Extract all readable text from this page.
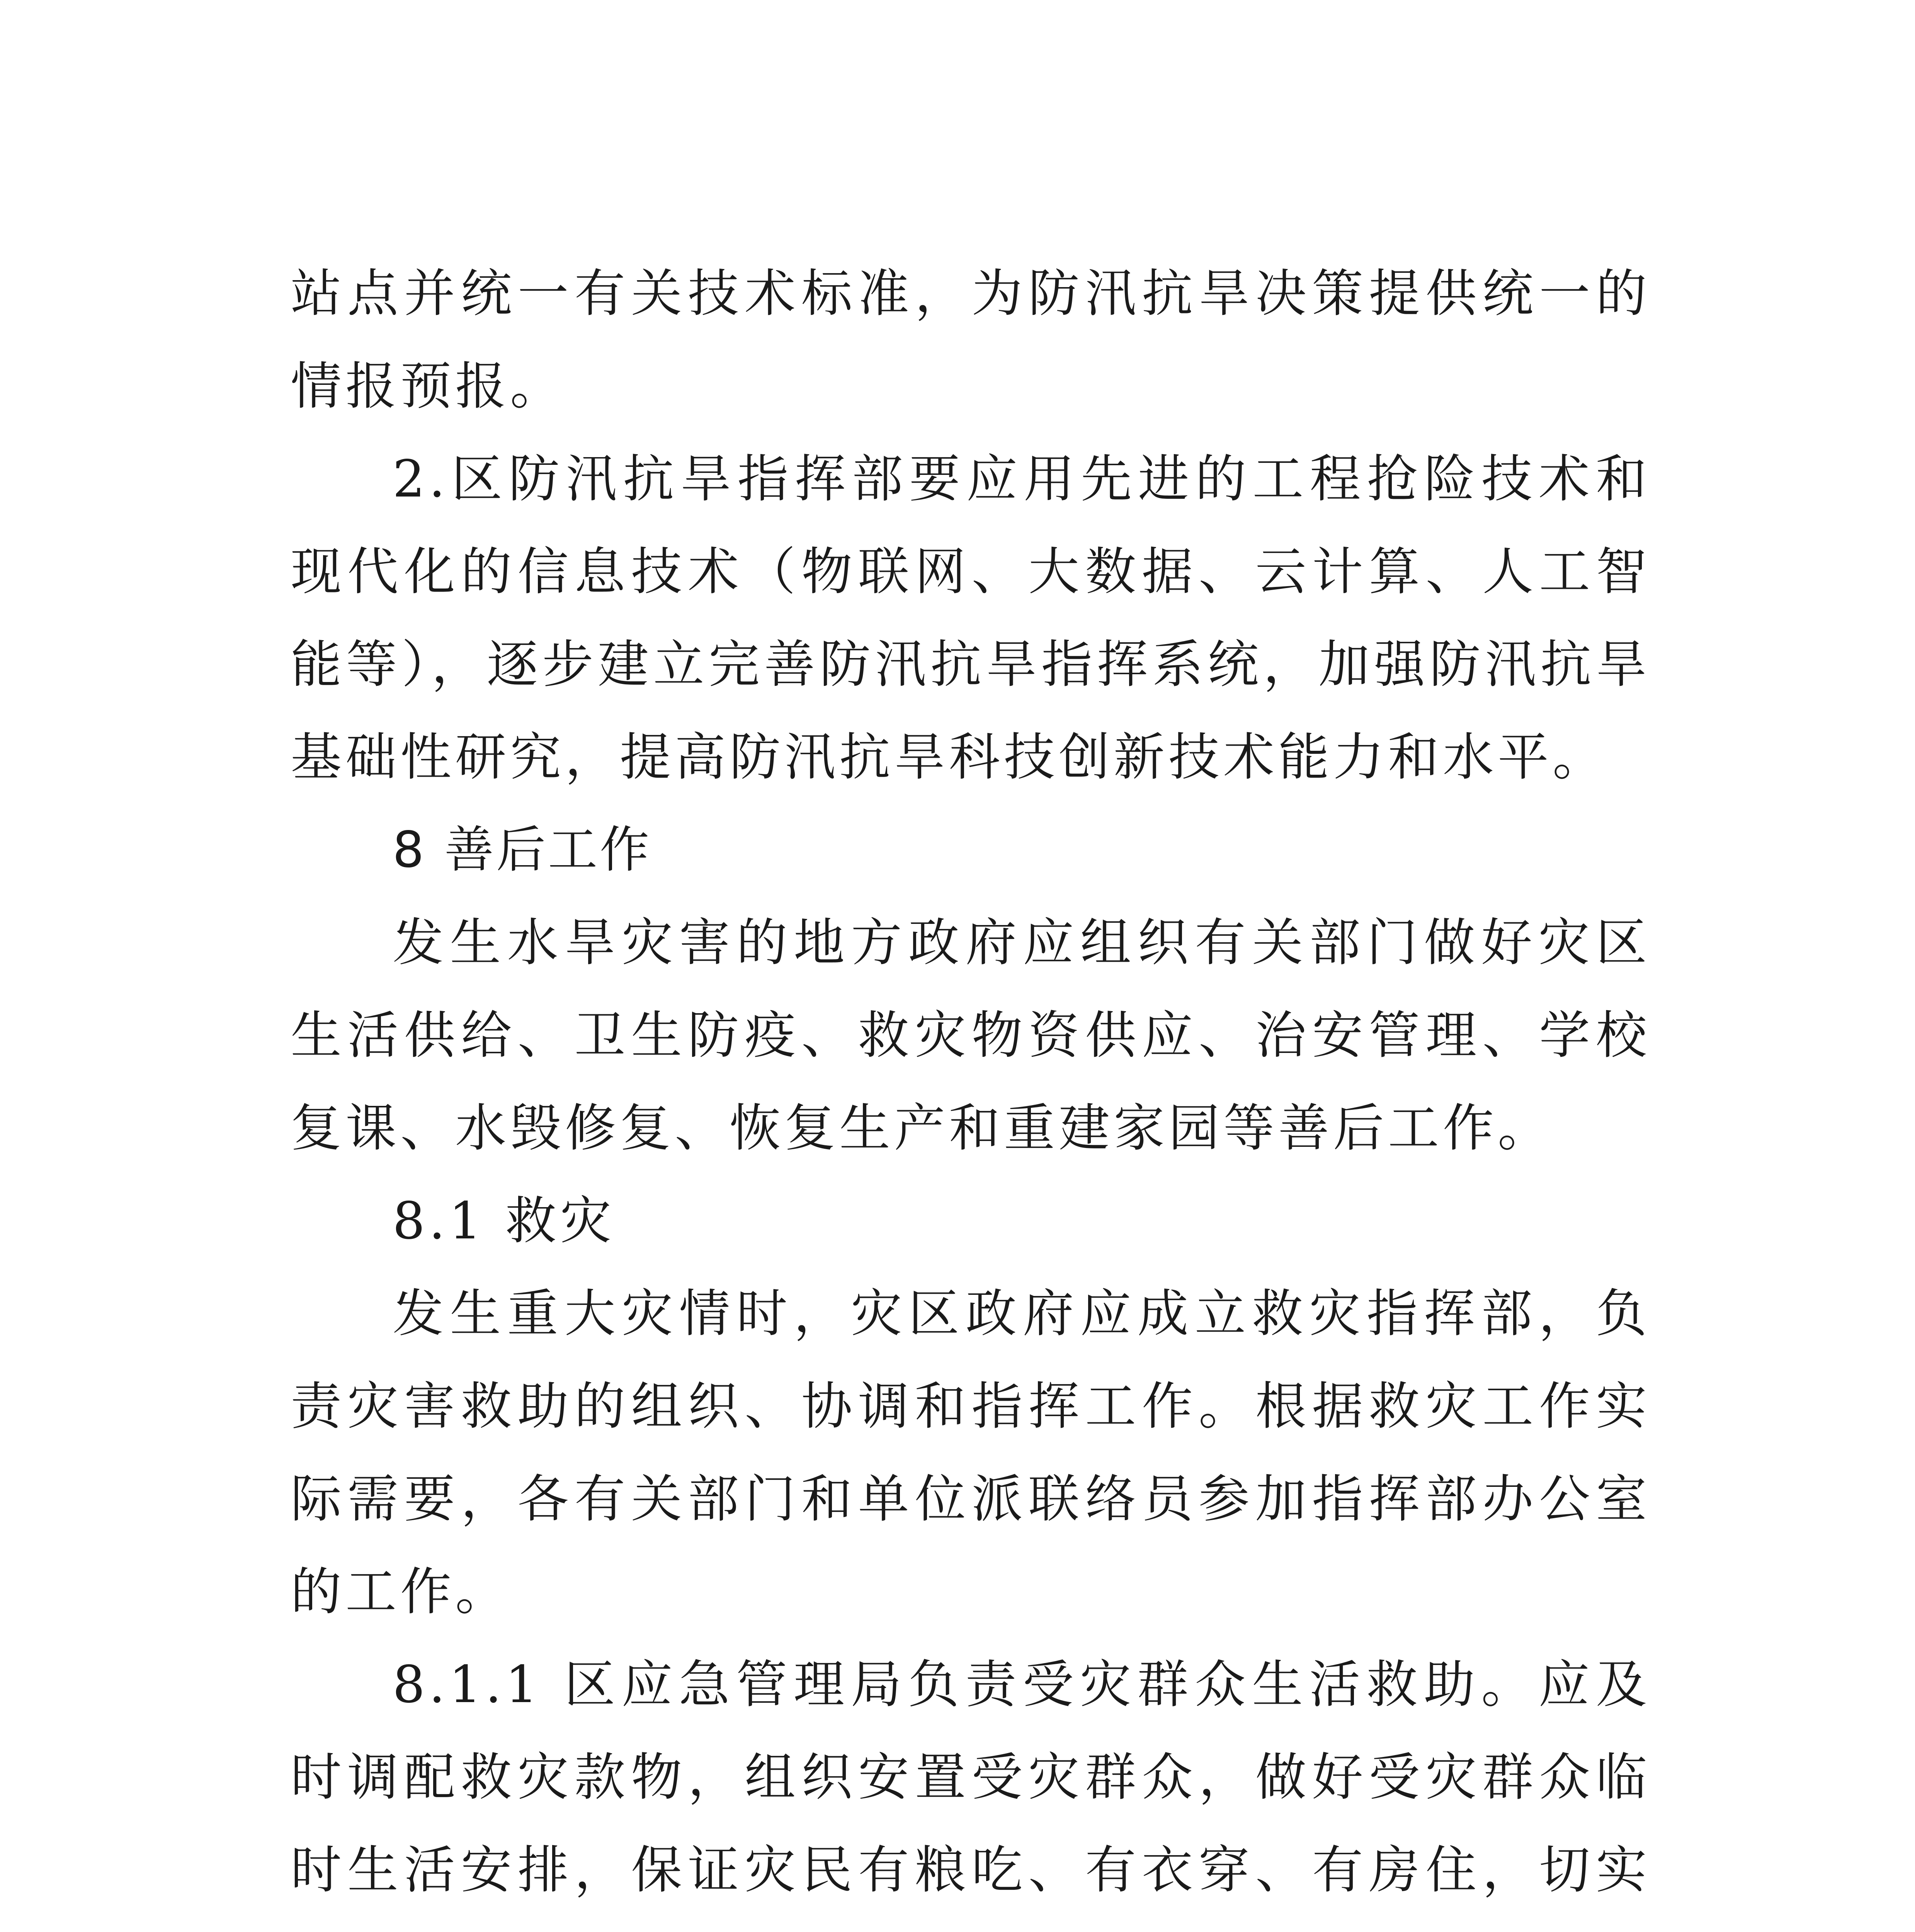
站点并统一有关技术标准，为防汛抗旱决策提供统一的情报预报。

2.区防汛抗旱指挥部要应用先进的工程抢险技术和现代化的信息技术（物联网、大数据、云计算、人工智能等），逐步建立完善防汛抗旱指挥系统，加强防汛抗旱基础性研究，提高防汛抗旱科技创新技术能力和水平。

8 善后工作

发生水旱灾害的地方政府应组织有关部门做好灾区生活供给、卫生防疫、救灾物资供应、治安管理、学校复课、水毁修复、恢复生产和重建家园等善后工作。

8.1 救灾

发生重大灾情时，灾区政府应成立救灾指挥部，负责灾害救助的组织、协调和指挥工作。根据救灾工作实际需要，各有关部门和单位派联络员参加指挥部办公室的工作。

8.1.1 区应急管理局负责受灾群众生活救助。应及时调配救灾款物，组织安置受灾群众，做好受灾群众临时生活安排，保证灾民有粮吃、有衣穿、有房住，切实
